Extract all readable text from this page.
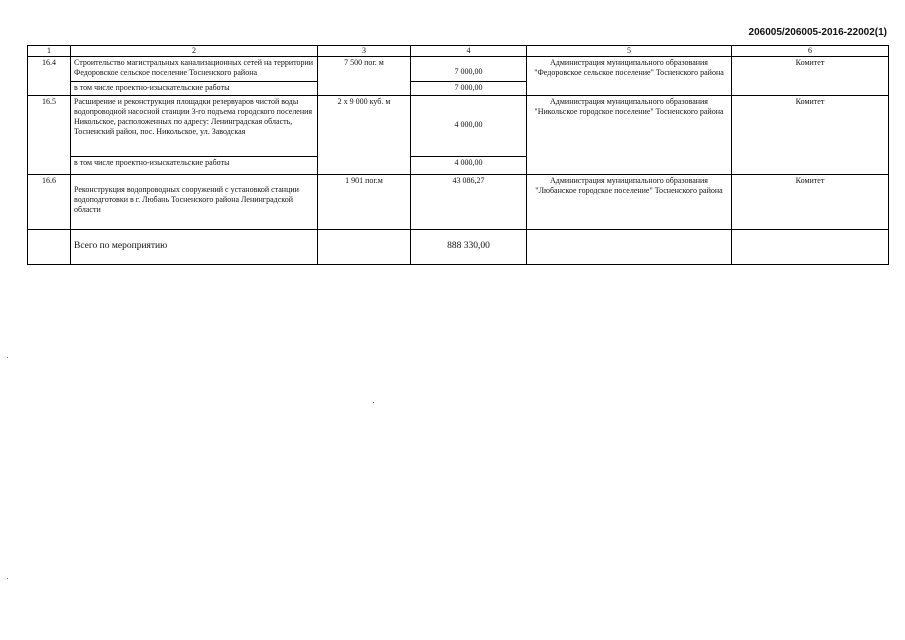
206005/206005-2016-22002(1)
1	2	3	4	5	6
16.4	Строительство магистральных канализационных сетей на территории Федоровское сельское поселение Тосненского района	7 500 пог. м	7 000,00	Администрация муниципального образования "Федоровское сельское поселение" Тосненского района	Комитет
	в том числе проектно-изыскательские работы		7 000,00		
16.5	Расширение и реконструкция площадки резервуаров чистой воды водопроводной насосной станции 3-го подъема городского поселения Никольское, расположенных по адресу: Ленинградская область, Тосненский район, пос. Никольское, ул. Заводская	2 х 9 000 куб. м	4 000,00	Администрация муниципального образования "Никольское городское поселение" Тосненского района	Комитет
	в том числе проектно-изыскательские работы		4 000,00		
16.6	Реконструкция водопроводных сооружений с установкой станции водоподготовки в г. Любань Тосненского района Ленинградской области	1 901 пог.м	43 086,27	Администрация муниципального образования "Любанское городское поселение" Тосненского района	Комитет
	Всего по мероприятию		888 330,00		
